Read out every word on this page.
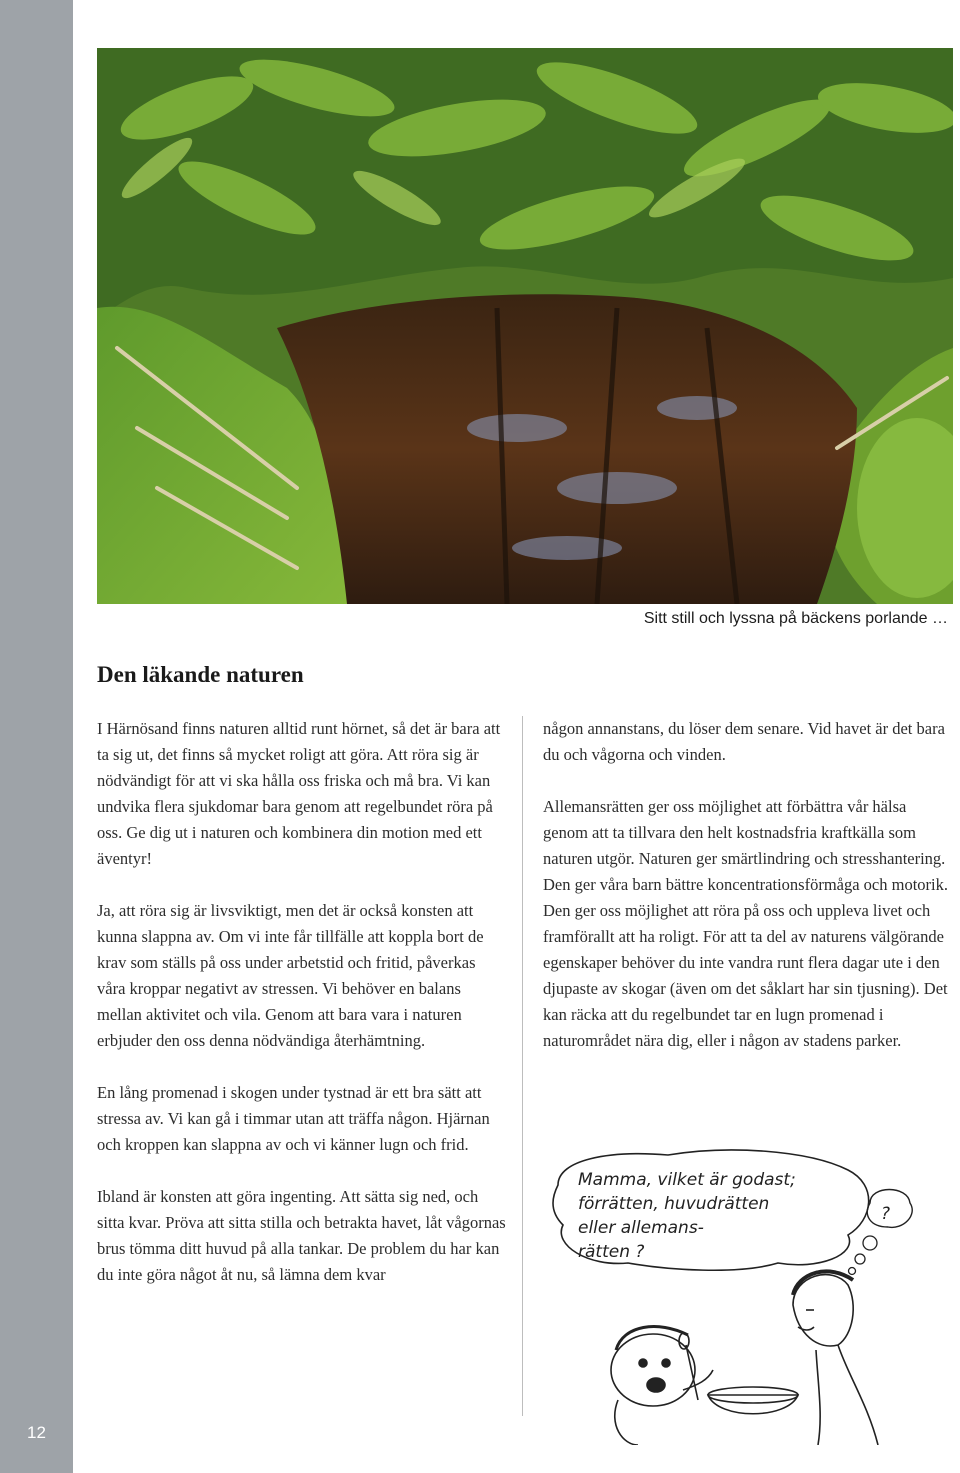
12
Sitt still och lyssna på bäckens porlande …
Den läkande naturen

I Härnösand finns naturen alltid runt hörnet, så det är bara att ta sig ut, det finns så mycket roligt att göra. Att röra sig är nödvändigt för att vi ska hålla oss friska och må bra. Vi kan undvika flera sjukdomar bara genom att regelbundet röra på oss. Ge dig ut i naturen och kombinera din motion med ett äventyr!

Ja, att röra sig är livsviktigt, men det är också konsten att kunna slappna av. Om vi inte får tillfälle att koppla bort de krav som ställs på oss under arbetstid och fritid, påverkas våra kroppar negativt av stressen. Vi behöver en balans mellan aktivitet och vila. Genom att bara vara i naturen erbjuder den oss denna nödvändiga återhämtning.

En lång promenad i skogen under tystnad är ett bra sätt att stressa av. Vi kan gå i timmar utan att träffa någon. Hjärnan och kroppen kan slappna av och vi känner lugn och frid.

Ibland är konsten att göra ingenting. Att sätta sig ned, och sitta kvar. Pröva att sitta stilla och betrakta havet, låt vågornas brus tömma ditt huvud på alla tankar. De problem du har kan du inte göra något åt nu, så lämna dem kvar

någon annanstans, du löser dem senare. Vid havet är det bara du och vågorna och vinden.

Allemansrätten ger oss möjlighet att förbättra vår hälsa genom att ta tillvara den helt kostnadsfria kraftkälla som naturen utgör. Naturen ger smärtlindring och stresshantering. Den ger våra barn bättre koncentrationsförmåga och motorik. Den ger oss möjlighet att röra på oss och uppleva livet och framförallt att ha roligt. För att ta del av naturens välgörande egenskaper behöver du inte vandra runt flera dagar ute i den djupaste av skogar (även om det såklart har sin tjusning). Det kan räcka att du regelbundet tar en lugn promenad i naturområdet nära dig, eller i någon av stadens parker.

Mamma, vilket är godast;
förrätten, huvudrätten
eller allemans-
rätten ?
?
